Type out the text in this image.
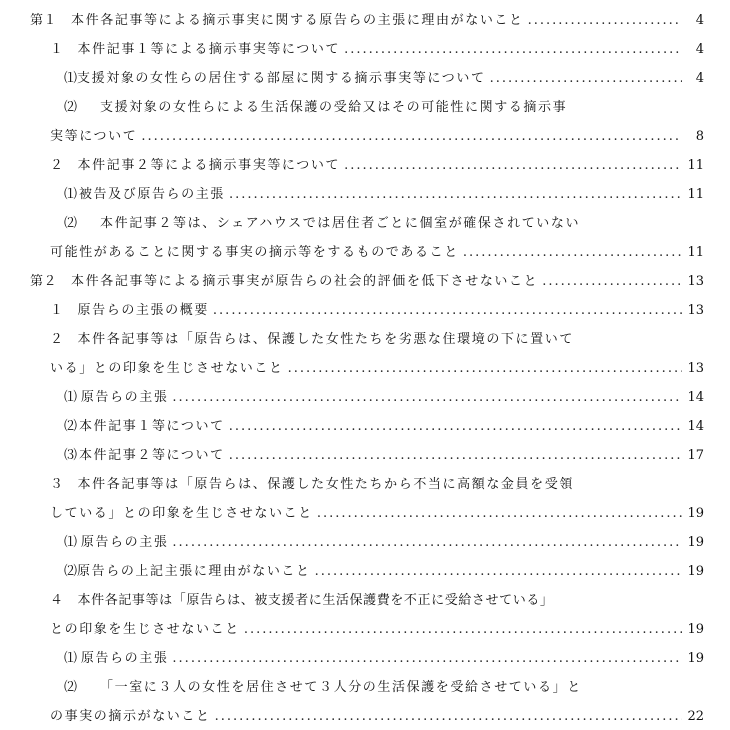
第１ 本件各記事等による摘示事実に関する原告らの主張に理由がないこと .....	4
１ 本件記事１等による摘示事実等について .....	4
⑴ 支援対象の女性らの居住する部屋に関する摘示事実等について .....	4
⑵	支援対象の女性らによる生活保護の受給又はその可能性に関する摘示事
実等について .....	8
２ 本件記事２等による摘示事実等について .....	11
⑴ 被告及び原告らの主張 .....	11
⑵	本件記事２等は、シェアハウスでは居住者ごとに個室が確保されていない
可能性があることに関する事実の摘示等をするものであること .....	11
第２ 本件各記事等による摘示事実が原告らの社会的評価を低下させないこと .....	13
１ 原告らの主張の概要 .....	13
２ 本件各記事等は「原告らは、保護した女性たちを劣悪な住環境の下に置いて
いる」との印象を生じさせないこと .....	13
⑴ 原告らの主張 .....	14
⑵ 本件記事１等について .....	14
⑶ 本件記事２等について .....	17
３ 本件各記事等は「原告らは、保護した女性たちから不当に高額な金員を受領
している」との印象を生じさせないこと .....	19
⑴ 原告らの主張 .....	19
⑵ 原告らの上記主張に理由がないこと .....	19
４ 本件各記事等は「原告らは、被支援者に生活保護費を不正に受給させている」
との印象を生じさせないこと .....	19
⑴ 原告らの主張 .....	19
⑵	「一室に３人の女性を居住させて３人分の生活保護を受給させている」と
の事実の摘示がないこと .....	22
